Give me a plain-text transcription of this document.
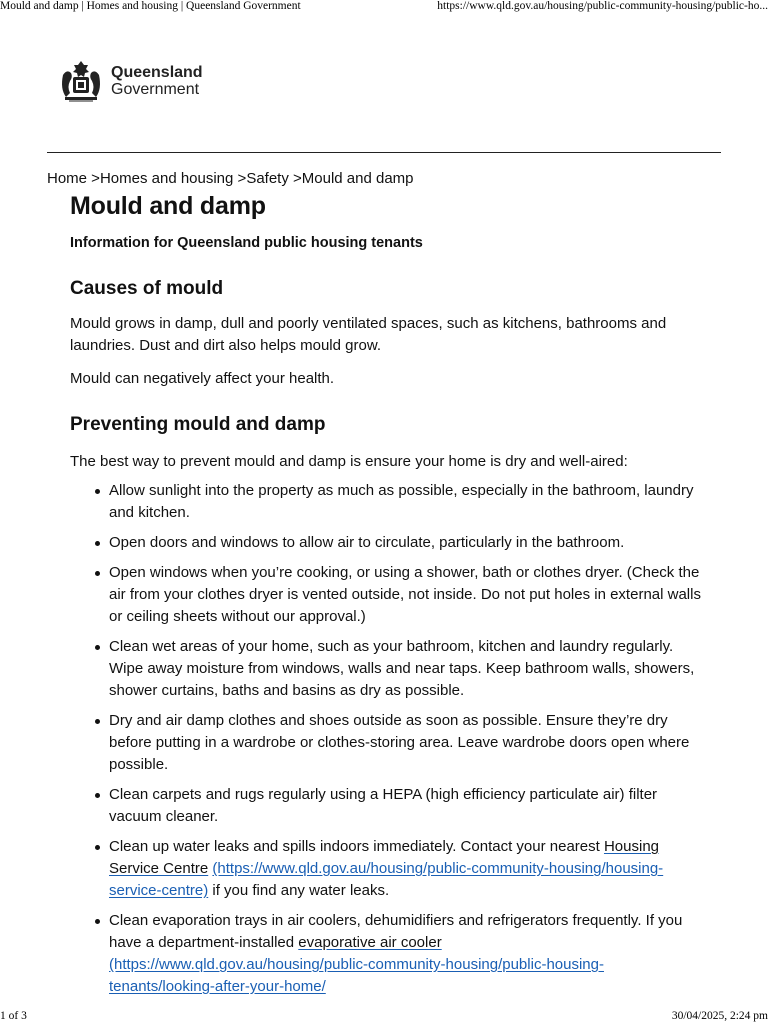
Mould and damp | Homes and housing | Queensland Government	https://www.qld.gov.au/housing/public-community-housing/public-ho...
Queensland
Government
Home >Homes and housing >Safety >Mould and damp
Mould and damp

Information for Queensland public housing tenants

Causes of mould

Mould grows in damp, dull and poorly ventilated spaces, such as kitchens, bathrooms and laundries. Dust and dirt also helps mould grow.

Mould can negatively affect your health.

Preventing mould and damp

The best way to prevent mould and damp is ensure your home is dry and well-aired:

Allow sunlight into the property as much as possible, especially in the bathroom, laundry and kitchen.
Open doors and windows to allow air to circulate, particularly in the bathroom.
Open windows when you’re cooking, or using a shower, bath or clothes dryer. (Check the air from your clothes dryer is vented outside, not inside. Do not put holes in external walls or ceiling sheets without our approval.)
Clean wet areas of your home, such as your bathroom, kitchen and laundry regularly. Wipe away moisture from windows, walls and near taps. Keep bathroom walls, showers, shower curtains, baths and basins as dry as possible.
Dry and air damp clothes and shoes outside as soon as possible. Ensure they’re dry before putting in a wardrobe or clothes-storing area. Leave wardrobe doors open where possible.
Clean carpets and rugs regularly using a HEPA (high efficiency particulate air) filter vacuum cleaner.
Clean up water leaks and spills indoors immediately. Contact your nearest Housing Service Centre (https://www.qld.gov.au/housing/public-community-housing/housing-service-centre) if you find any water leaks.
Clean evaporation trays in air coolers, dehumidifiers and refrigerators frequently. If you have a department-installed evaporative air cooler (https://www.qld.gov.au/housing/public-community-housing/public-housing-tenants/looking-after-your-home/
1 of 3	30/04/2025, 2:24 pm
